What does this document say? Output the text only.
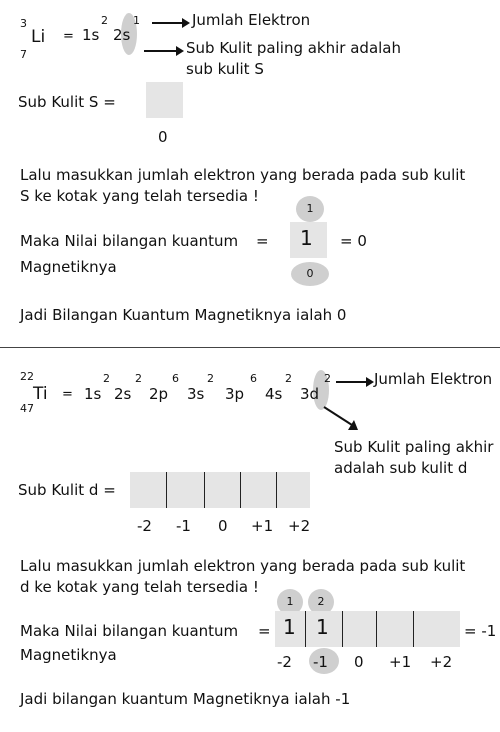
3
7
Li = 1s
2
2s
1	Jumlah Elektron
Sub Kulit paling akhir adalah
sub kulit S
Sub Kulit S =
0
Lalu masukkan jumlah elektron yang berada pada sub kulit
S ke kotak yang telah tersedia !
1
Maka Nilai bilangan kuantum =
Magnetiknya
1 = 0
0
Jadi Bilangan Kuantum Magnetiknya ialah 0
22
47
Ti = 1s
2
2s
2
2p
6
3s
2
3p
6
4s
2
3d
2	Jumlah Elektron
Sub Kulit paling akhir
adalah sub kulit d
Sub Kulit d =
-2 -1 0 +1 +2
Lalu masukkan jumlah elektron yang berada pada sub kulit
d ke kotak yang telah tersedia !
1	2
Maka Nilai bilangan kuantum =
Magnetiknya
1 1	= -1
-2 -1 0 +1 +2
Jadi bilangan kuantum Magnetiknya ialah -1
